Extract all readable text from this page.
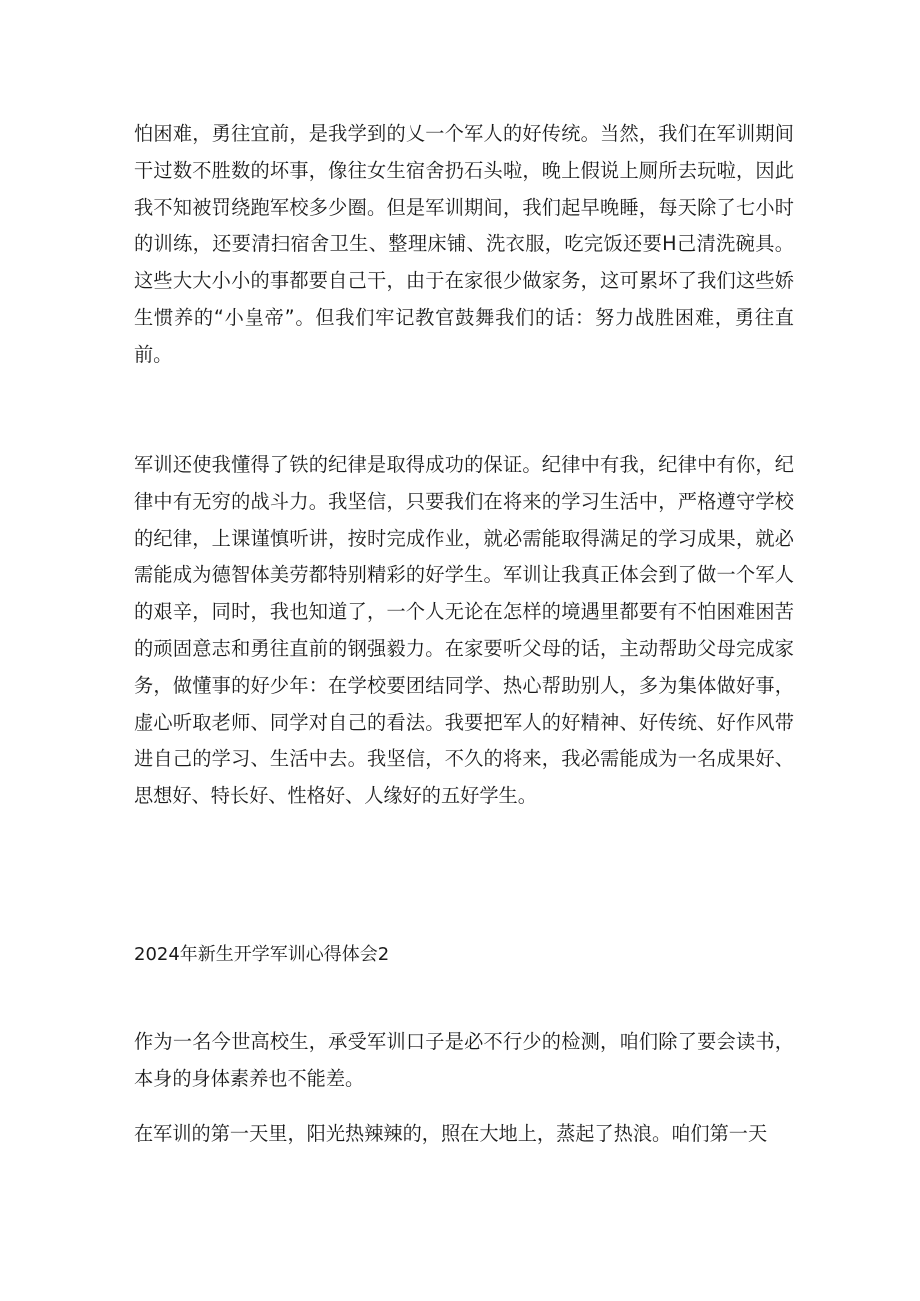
怕困难，勇往宜前，是我学到的乂一个军人的好传统。当然，我们在军训期间干过数不胜数的坏事，像往女生宿舍扔石头啦，晚上假说上厕所去玩啦，因此我不知被罚绕跑军校多少圈。但是军训期间，我们起早晚睡，每天除了七小时的训练，还要清扫宿舍卫生、整理床铺、洗衣服，吃完饭还要H己清洗碗具。这些大大小小的事都要自己干，由于在家很少做家务，这可累坏了我们这些娇生惯养的“小皇帝”。但我们牢记教官鼓舞我们的话：努力战胜困难，勇往直前。

军训还使我懂得了铁的纪律是取得成功的保证。纪律中有我，纪律中有你，纪律中有无穷的战斗力。我坚信，只要我们在将来的学习生活中，严格遵守学校的纪律，上课谨慎听讲，按时完成作业，就必需能取得满足的学习成果，就必需能成为德智体美劳都特别精彩的好学生。军训让我真正体会到了做一个军人的艰辛，同时，我也知道了，一个人无论在怎样的境遇里都要有不怕困难困苦的顽固意志和勇往直前的钢强毅力。在家要听父母的话，主动帮助父母完成家务，做懂事的好少年：在学校要团结同学、热心帮助别人，多为集体做好事，虚心听取老师、同学对自己的看法。我要把军人的好精神、好传统、好作风带进自己的学习、生活中去。我坚信，不久的将来，我必需能成为一名成果好、思想好、特长好、性格好、人缘好的五好学生。

2024年新生开学军训心得体会2

作为一名今世高校生，承受军训口子是必不行少的检测，咱们除了要会读书，本身的身体素养也不能差。

在军训的第一天里，阳光热辣辣的，照在大地上，蒸起了热浪。咱们第一天
